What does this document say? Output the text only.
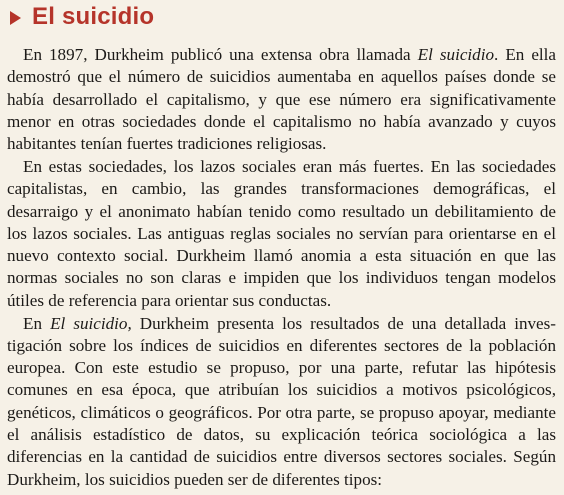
El suicidio

En 1897, Durkheim publicó una extensa obra llamada El suicidio. En ella demostró que el número de suicidios aumentaba en aquellos países donde se había desarrollado el capitalismo, y que ese número era significativamente menor en otras sociedades donde el capitalismo no había avanzado y cuyos habitantes tenían fuertes tradiciones religiosas.

En estas sociedades, los lazos sociales eran más fuertes. En las sociedades capitalistas, en cambio, las grandes transformaciones demográficas, el desarraigo y el anonimato habían tenido como resultado un debilitamiento de los lazos sociales. Las antiguas reglas sociales no servían para orientarse en el nuevo contexto social. Durkheim llamó anomia a esta situación en que las normas sociales no son claras e impiden que los individuos tengan modelos útiles de referencia para orientar sus conductas.

En El suicidio, Durkheim presenta los resultados de una detallada investigación sobre los índices de suicidios en diferentes sectores de la población europea. Con este estudio se propuso, por una parte, refutar las hipótesis comunes en esa época, que atribuían los suicidios a motivos psicológicos, genéticos, climáticos o geográficos. Por otra parte, se propuso apoyar, mediante el análisis estadístico de datos, su explicación teórica sociológica a las diferencias en la cantidad de suicidios entre diversos sectores sociales. Según Durkheim, los suicidios pueden ser de diferentes tipos:
